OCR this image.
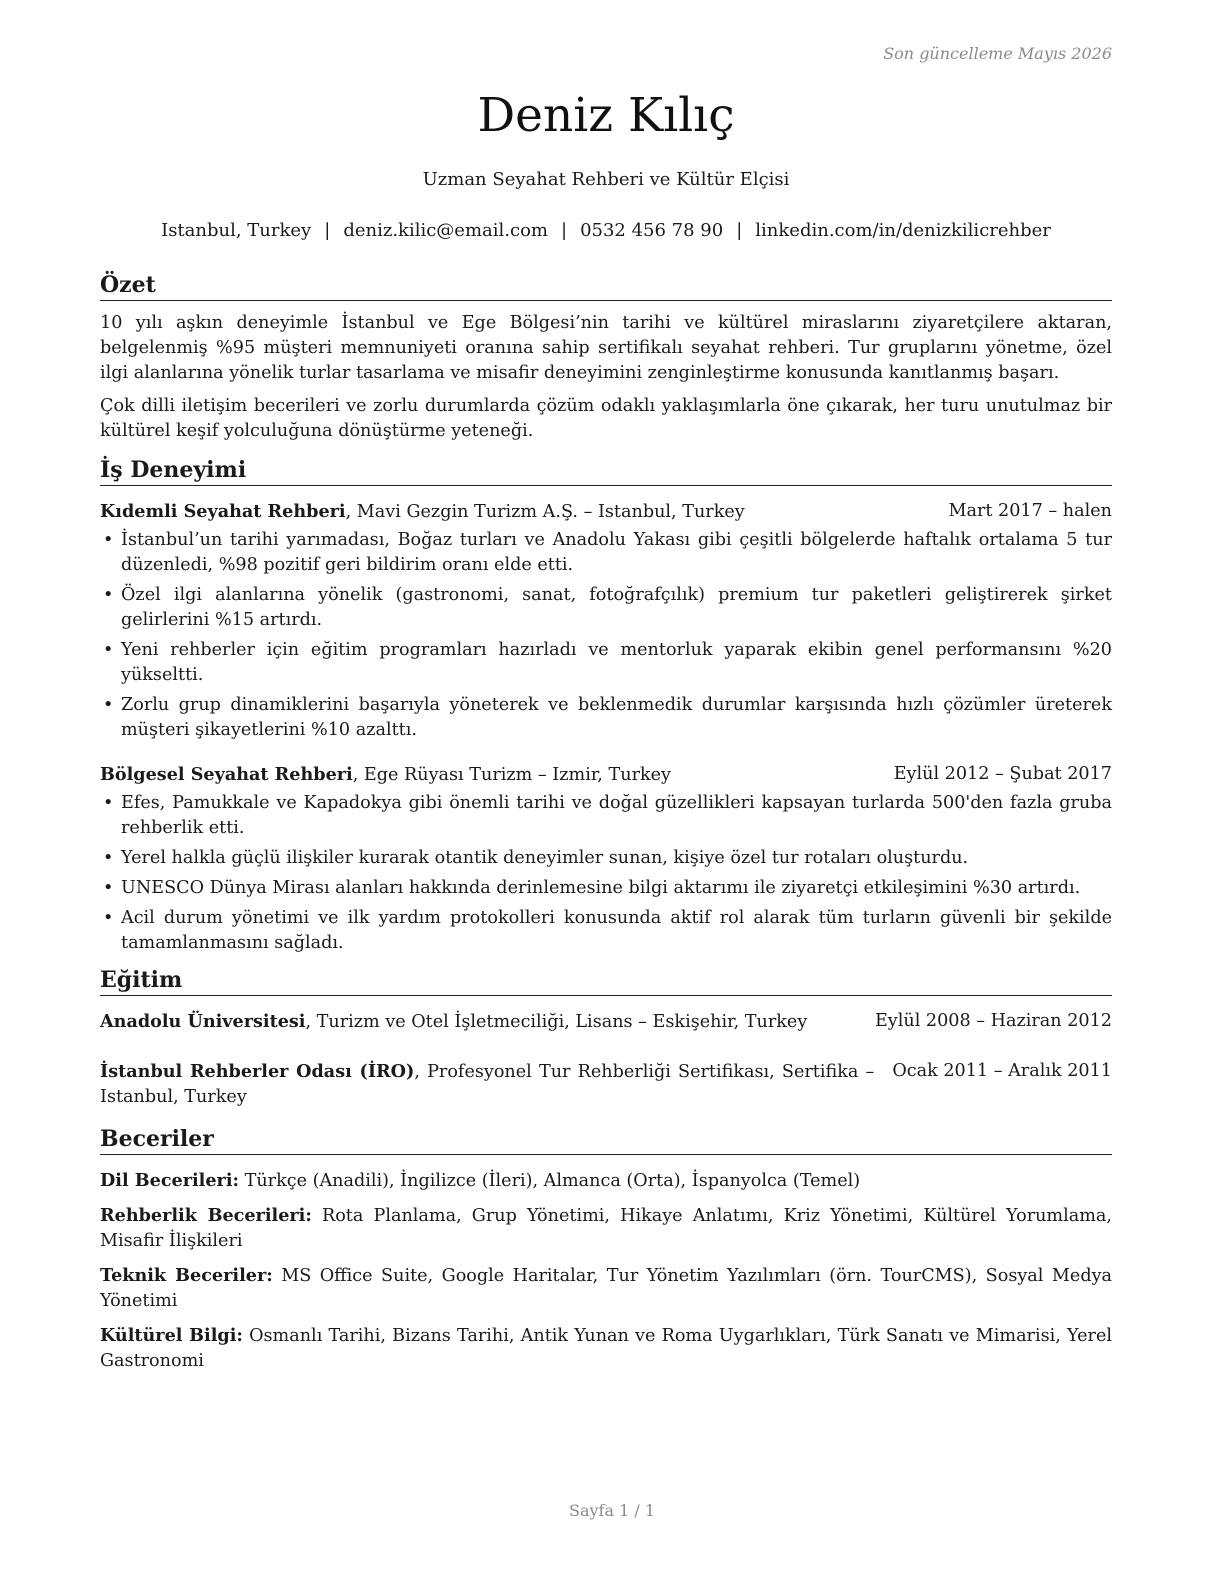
Son güncelleme Mayıs 2026
Deniz Kılıç
Uzman Seyahat Rehberi ve Kültür Elçisi
Istanbul, Turkey | deniz.kilic@email.com | 0532 456 78 90 | linkedin.com/in/denizkilicrehber
Özet

10 yılı aşkın deneyimle İstanbul ve Ege Bölgesi’nin tarihi ve kültürel miraslarını ziyaretçilere aktaran, belgelenmiş %95 müşteri memnuniyeti oranına sahip sertifikalı seyahat rehberi. Tur gruplarını yönetme, özel ilgi alanlarına yönelik turlar tasarlama ve misafir deneyimini zenginleştirme konusunda kanıtlanmış başarı.

Çok dilli iletişim becerileri ve zorlu durumlarda çözüm odaklı yaklaşımlarla öne çıkarak, her turu unutulmaz bir kültürel keşif yolculuğuna dönüştürme yeteneği.

İş Deneyimi
Kıdemli Seyahat Rehberi, Mavi Gezgin Turizm A.Ş. – Istanbul, Turkey	Mart 2017 – halen
• İstanbul’un tarihi yarımadası, Boğaz turları ve Anadolu Yakası gibi çeşitli bölgelerde haftalık ortalama 5 tur düzenledi, %98 pozitif geri bildirim oranı elde etti.
• Özel ilgi alanlarına yönelik (gastronomi, sanat, fotoğrafçılık) premium tur paketleri geliştirerek şirket gelirlerini %15 artırdı.
• Yeni rehberler için eğitim programları hazırladı ve mentorluk yaparak ekibin genel performansını %20 yükseltti.
• Zorlu grup dinamiklerini başarıyla yöneterek ve beklenmedik durumlar karşısında hızlı çözümler üreterek müşteri şikayetlerini %10 azalttı.
Bölgesel Seyahat Rehberi, Ege Rüyası Turizm – Izmir, Turkey	Eylül 2012 – Şubat 2017
• Efes, Pamukkale ve Kapadokya gibi önemli tarihi ve doğal güzellikleri kapsayan turlarda 500'den fazla gruba rehberlik etti.
• Yerel halkla güçlü ilişkiler kurarak otantik deneyimler sunan, kişiye özel tur rotaları oluşturdu.
• UNESCO Dünya Mirası alanları hakkında derinlemesine bilgi aktarımı ile ziyaretçi etkileşimini %30 artırdı.
• Acil durum yönetimi ve ilk yardım protokolleri konusunda aktif rol alarak tüm turların güvenli bir şekilde tamamlanmasını sağladı.
Eğitim
Anadolu Üniversitesi, Turizm ve Otel İşletmeciliği, Lisans – Eskişehir, Turkey	Eylül 2008 – Haziran 2012
İstanbul Rehberler Odası (İRO), Profesyonel Tur Rehberliği Sertifikası, Sertifika – Istanbul, Turkey
Ocak 2011 – Aralık 2011
Beceriler
Dil Becerileri: Türkçe (Anadili), İngilizce (İleri), Almanca (Orta), İspanyolca (Temel)
Rehberlik Becerileri: Rota Planlama, Grup Yönetimi, Hikaye Anlatımı, Kriz Yönetimi, Kültürel Yorumlama, Misafir İlişkileri
Teknik Beceriler: MS Office Suite, Google Haritalar, Tur Yönetim Yazılımları (örn. TourCMS), Sosyal Medya Yönetimi
Kültürel Bilgi: Osmanlı Tarihi, Bizans Tarihi, Antik Yunan ve Roma Uygarlıkları, Türk Sanatı ve Mimarisi, Yerel Gastronomi
Sayfa 1 / 1
